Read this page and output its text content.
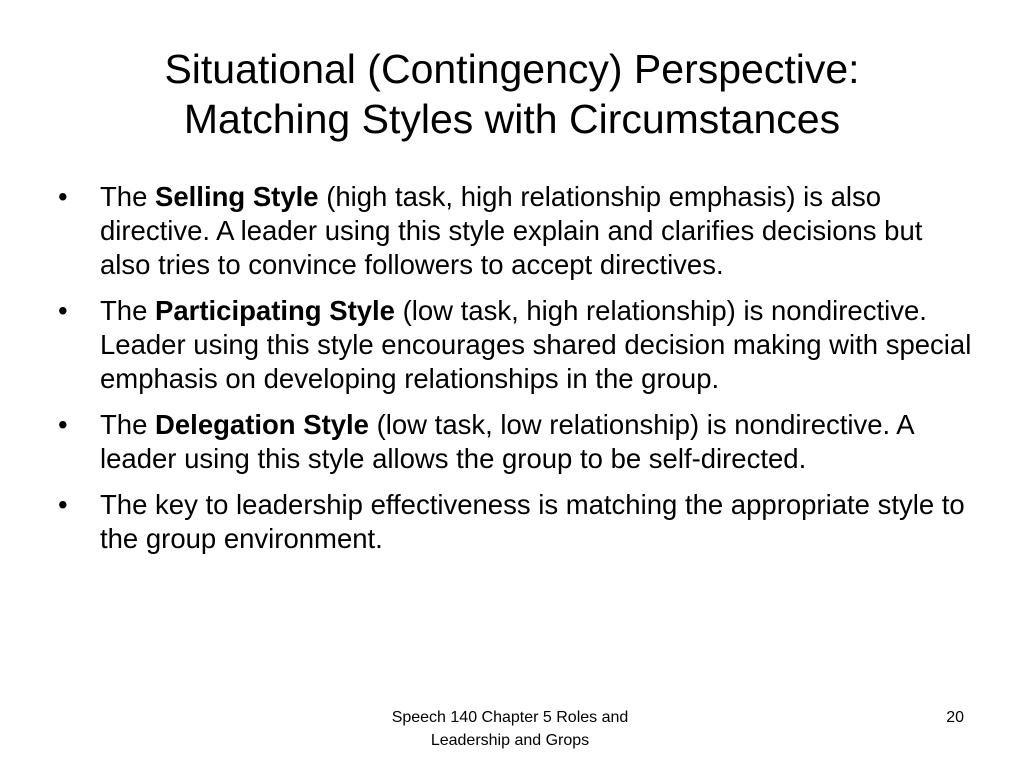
Situational (Contingency) Perspective:
Matching Styles with Circumstances
•	The Selling Style (high task, high relationship emphasis) is also directive. A leader using this style explain and clarifies decisions but also tries to convince followers to accept directives.
•	The Participating Style (low task, high relationship) is nondirective. Leader using this style encourages shared decision making with special emphasis on developing relationships in the group.
•	The Delegation Style (low task, low relationship) is nondirective. A leader using this style allows the group to be self-directed.
•	The key to leadership effectiveness is matching the appropriate style to the group environment.
Speech 140 Chapter 5 Roles and
Leadership and Grops
20
